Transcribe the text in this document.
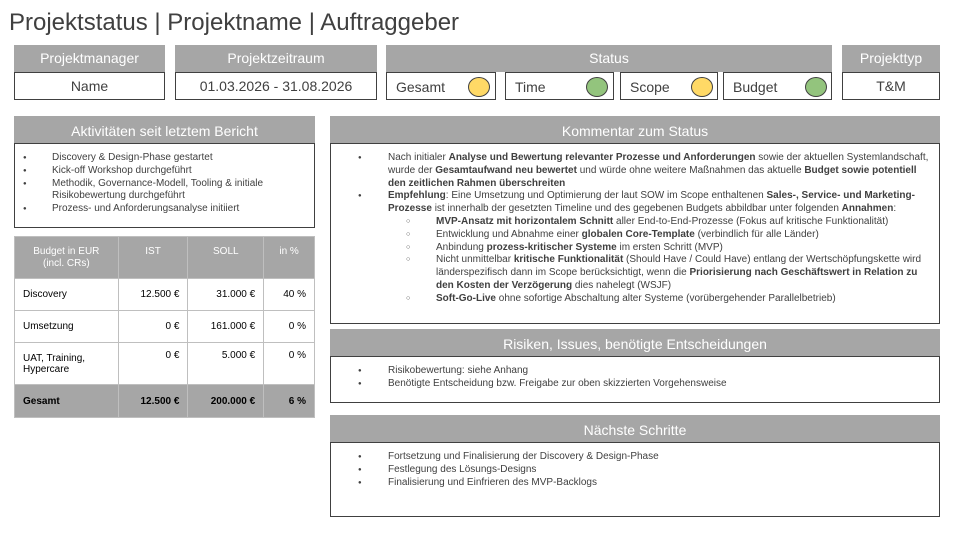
Projektstatus | Projektname | Auftraggeber
Projektmanager
Name
Projektzeitraum
01.03.2026 - 31.08.2026
Status
Gesamt	Time	Scope	Budget
Projekttyp
T&M
Aktivitäten seit letztem Bericht
● Discovery & Design-Phase gestartet
● Kick-off Workshop durchgeführt
● Methodik, Governance-Modell, Tooling & initiale Risikobewertung durchgeführt
● Prozess- und Anforderungsanalyse initiiert
Budget in EUR
(incl. CRs)	IST	SOLL	in %
Discovery	12.500 €	31.000 €	40 %
Umsetzung	0 €	161.000 €	0 %
UAT, Training,
Hypercare	0 €	5.000 €	0 %
Gesamt	12.500 €	200.000 €	6 %
Kommentar zum Status
● Nach initialer Analyse und Bewertung relevanter Prozesse und Anforderungen sowie der aktuellen Systemlandschaft, wurde der Gesamtaufwand neu bewertet und würde ohne weitere Maßnahmen das aktuelle Budget sowie potentiell den zeitlichen Rahmen überschreiten
● Empfehlung: Eine Umsetzung und Optimierung der laut SOW im Scope enthaltenen Sales-, Service- und Marketing-Prozesse ist innerhalb der gesetzten Timeline und des gegebenen Budgets abbildbar unter folgenden Annahmen:
○ MVP-Ansatz mit horizontalem Schnitt aller End-to-End-Prozesse (Fokus auf kritische Funktionalität)
○ Entwicklung und Abnahme einer globalen Core-Template (verbindlich für alle Länder)
○ Anbindung prozess-kritischer Systeme im ersten Schritt (MVP)
○ Nicht unmittelbar kritische Funktionalität (Should Have / Could Have) entlang der Wertschöpfungskette wird länderspezifisch dann im Scope berücksichtigt, wenn die Priorisierung nach Geschäftswert in Relation zu den Kosten der Verzögerung dies nahelegt (WSJF)
○ Soft-Go-Live ohne sofortige Abschaltung alter Systeme (vorübergehender Parallelbetrieb)
Risiken, Issues, benötigte Entscheidungen
● Risikobewertung: siehe Anhang
● Benötigte Entscheidung bzw. Freigabe zur oben skizzierten Vorgehensweise
Nächste Schritte
● Fortsetzung und Finalisierung der Discovery & Design-Phase
● Festlegung des Lösungs-Designs
● Finalisierung und Einfrieren des MVP-Backlogs
